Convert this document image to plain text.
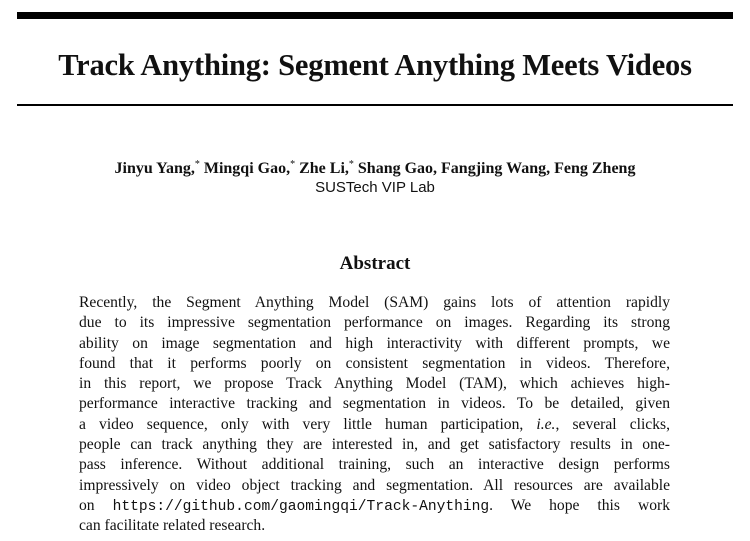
Track Anything: Segment Anything Meets Videos
Jinyu Yang,* Mingqi Gao,* Zhe Li,* Shang Gao, Fangjing Wang, Feng Zheng
SUSTech VIP Lab
Abstract
Recently, the Segment Anything Model (SAM) gains lots of attention rapidly
due to its impressive segmentation performance on images. Regarding its strong
ability on image segmentation and high interactivity with different prompts, we
found that it performs poorly on consistent segmentation in videos. Therefore,
in this report, we propose Track Anything Model (TAM), which achieves high-
performance interactive tracking and segmentation in videos. To be detailed, given
a video sequence, only with very little human participation, i.e., several clicks,
people can track anything they are interested in, and get satisfactory results in one-
pass inference. Without additional training, such an interactive design performs
impressively on video object tracking and segmentation. All resources are available
on https://github.com/gaomingqi/Track-Anything. We hope this work
can facilitate related research.
